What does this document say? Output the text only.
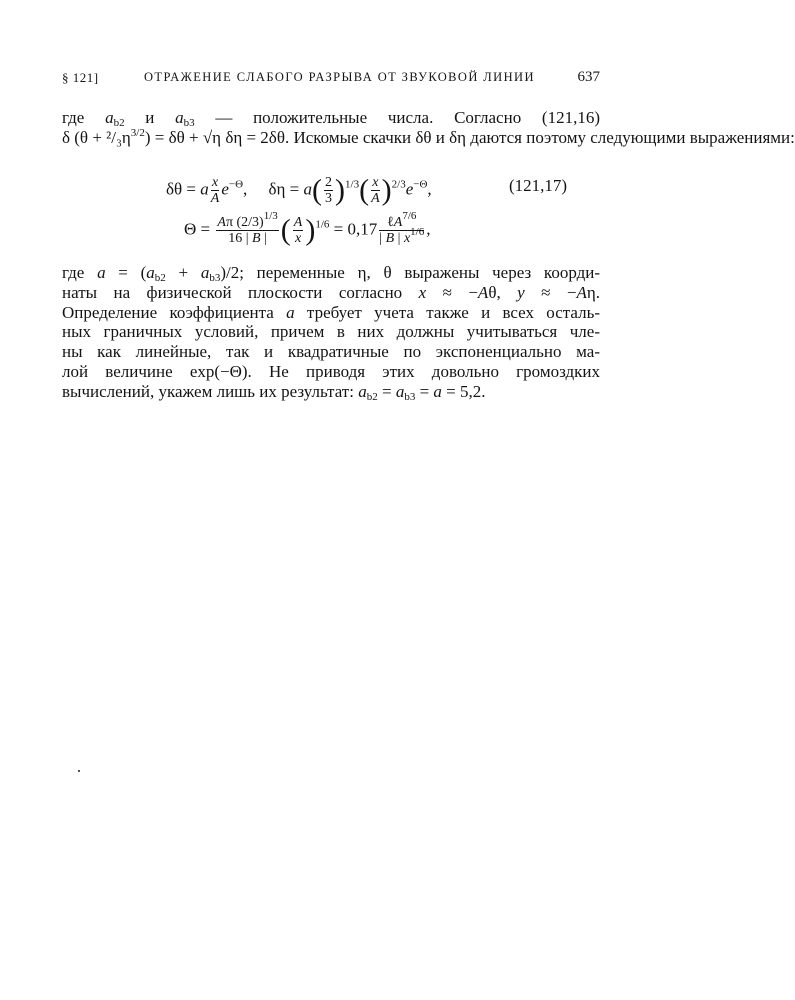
§ 121]	ОТРАЖЕНИЕ СЛАБОГО РАЗРЫВА ОТ ЗВУКОВОЙ ЛИНИИ	637
где $a_{b2}$ и $a_{b3}$ — положительные числа. Согласно (121,16)
δ $(\theta + ^2/_3\eta^{3/2}) = \delta\theta + √\eta$ δη = 2δθ. Искомые скачки δθ и δη даются поэтому следующими выражениями:
δθ = a $\frac{x}{A} e^{-\Theta}$,     $\delta\eta = a( \frac{2}{3} )^{1/3}( \frac{x}{A} )^{2/3}e^{-\Theta}$,	(121,17)
$\Theta = \frac{A\pi (2/3)^{1/3}}{16 | B |}$ ( $\frac{A}{x} )^{1/6} = 0,17 \frac{\ell A^{7/6}}{| B | x^{1/6}}$ ,
где $a = (a_{b2} + a_{b3})/2$; переменные η, θ выражены через коорди-
наты на физической плоскости согласно x ≈ −Aθ, y ≈ −Aη.
Определение коэффициента a требует учета также и всех осталь-
ных граничных условий, причем в них должны учитываться чле-
ны как линейные, так и квадратичные по экспоненциально ма-
лой величине exp(−Θ). Не приводя этих довольно громоздких
вычислений, укажем лишь их результат: $a_{b2} = a_{b3} = a = 5,2$.
